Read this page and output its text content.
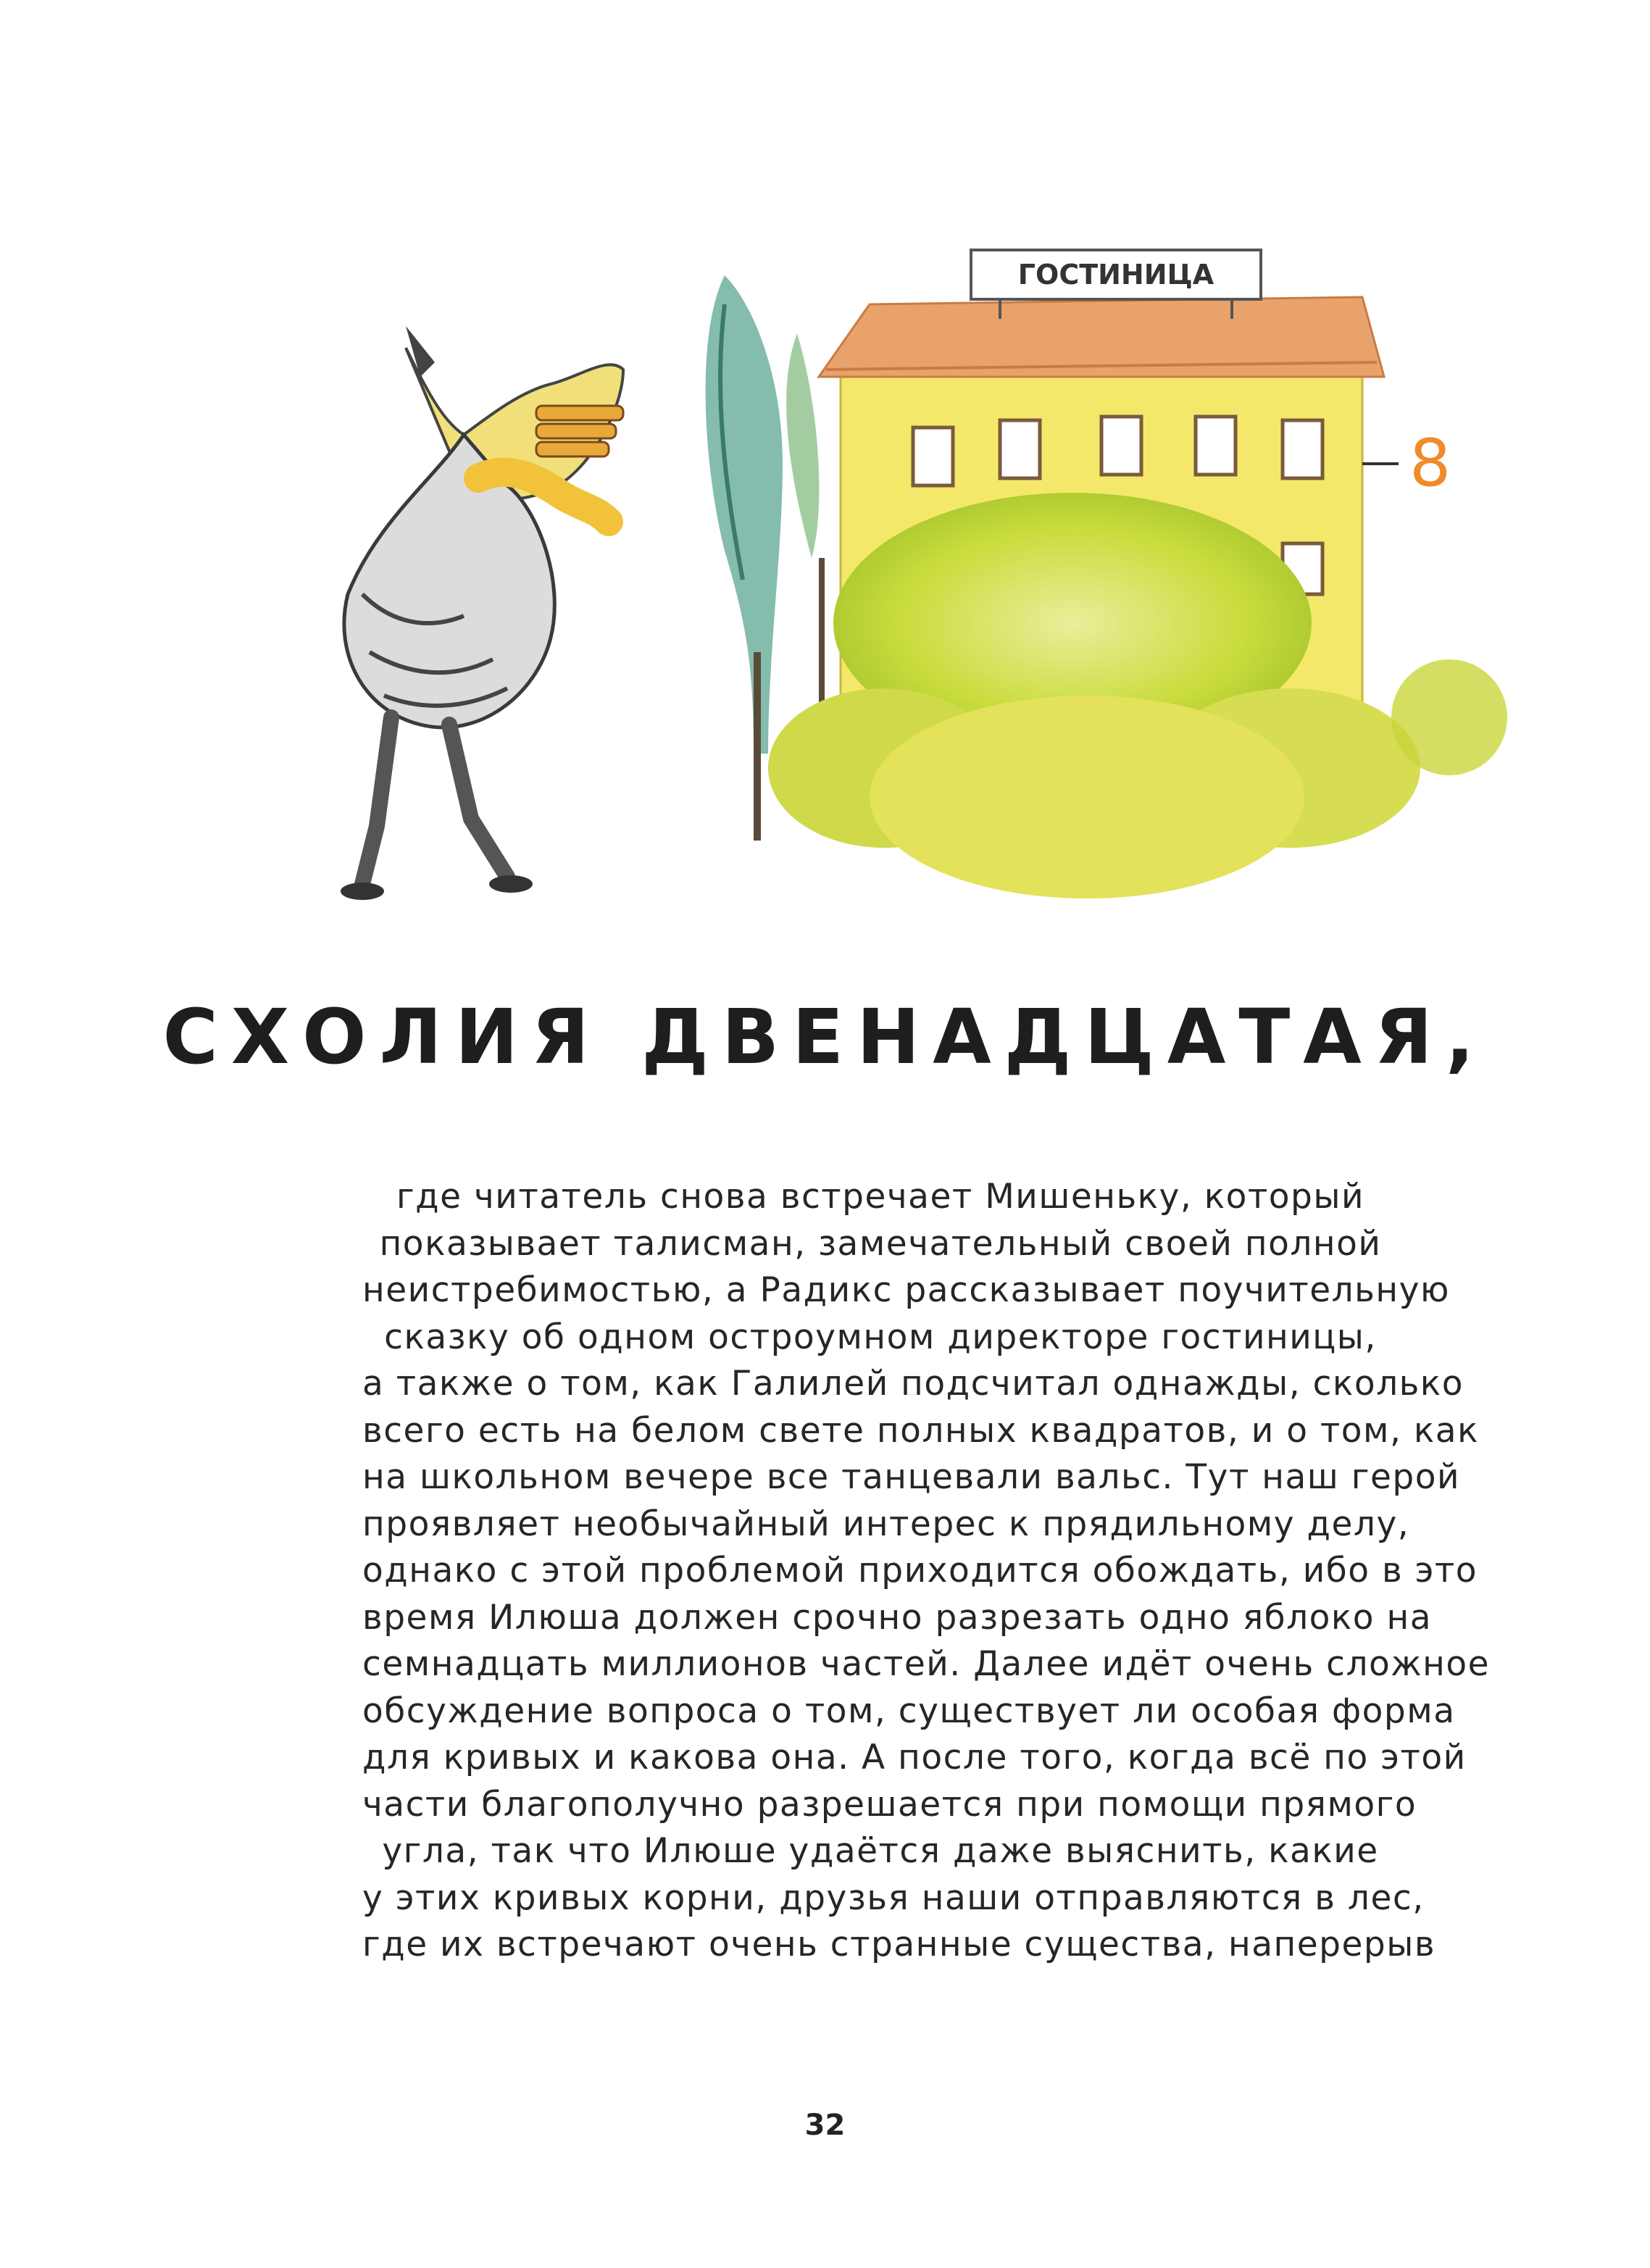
ГОСТИНИЦА
8
СХОЛИЯ ДВЕНАДЦАТАЯ,
где читатель снова встречает Мишеньку, который
показывает талисман, замечательный своей полной
неистребимостью, а Радикс рассказывает поучительную
сказку об одном остроумном директоре гостиницы,
а также о том, как Галилей подсчитал однажды, сколько
всего есть на белом свете полных квадратов, и о том, как
на школьном вечере все танцевали вальс. Тут наш герой
проявляет необычайный интерес к прядильному делу,
однако с этой проблемой приходится обождать, ибо в это
время Илюша должен срочно разрезать одно яблоко на
семнадцать миллионов частей. Далее идёт очень сложное
обсуждение вопроса о том, существует ли особая форма
для кривых и какова она. А после того, когда всё по этой
части благополучно разрешается при помощи прямого
угла, так что Илюше удаётся даже выяснить, какие
у этих кривых корни, друзья наши отправляются в лес,
где их встречают очень странные существа, наперерыв
32
